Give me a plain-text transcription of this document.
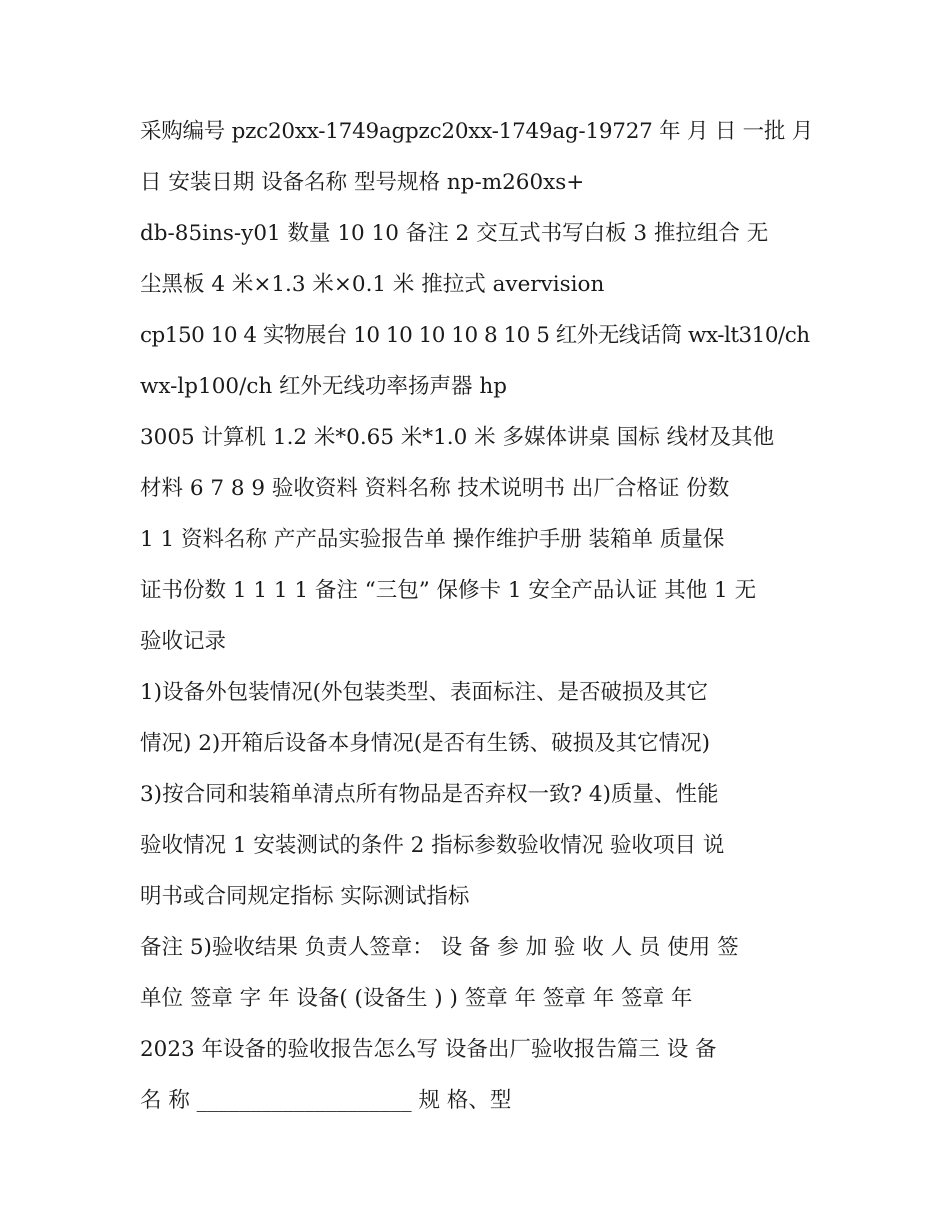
采购编号 pzc20xx-1749agpzc20xx-1749ag-19727 年 月 日 一批 月
日 安装日期 设备名称 型号规格 np-m260xs+
db-85ins-y01 数量 10 10 备注 2 交互式书写白板 3 推拉组合 无
尘黑板 4 米×1.3 米×0.1 米 推拉式 avervision
cp150 10 4 实物展台 10 10 10 10 8 10 5 红外无线话筒 wx-lt310/ch
wx-lp100/ch 红外无线功率扬声器 hp
3005 计算机 1.2 米*0.65 米*1.0 米 多媒体讲桌 国标 线材及其他
材料 6 7 8 9 验收资料 资料名称 技术说明书 出厂合格证 份数
1 1 资料名称 产产品实验报告单 操作维护手册 装箱单 质量保
证书份数 1 1 1 1 备注 “三包” 保修卡 1 安全产品认证 其他 1 无
验收记录
1)设备外包装情况(外包装类型、表面标注、是否破损及其它
情况) 2)开箱后设备本身情况(是否有生锈、破损及其它情况)
3)按合同和装箱单清点所有物品是否弃权一致? 4)质量、性能
验收情况 1 安装测试的条件 2 指标参数验收情况 验收项目 说
明书或合同规定指标 实际测试指标
备注 5)验收结果 负责人签章： 设 备 参 加 验 收 人 员 使用 签
单位 签章 字 年 设备( (设备生 ) ) 签章 年 签章 年 签章 年
2023 年设备的验收报告怎么写 设备出厂验收报告篇三 设 备
名 称 ____________________ 规 格、型
